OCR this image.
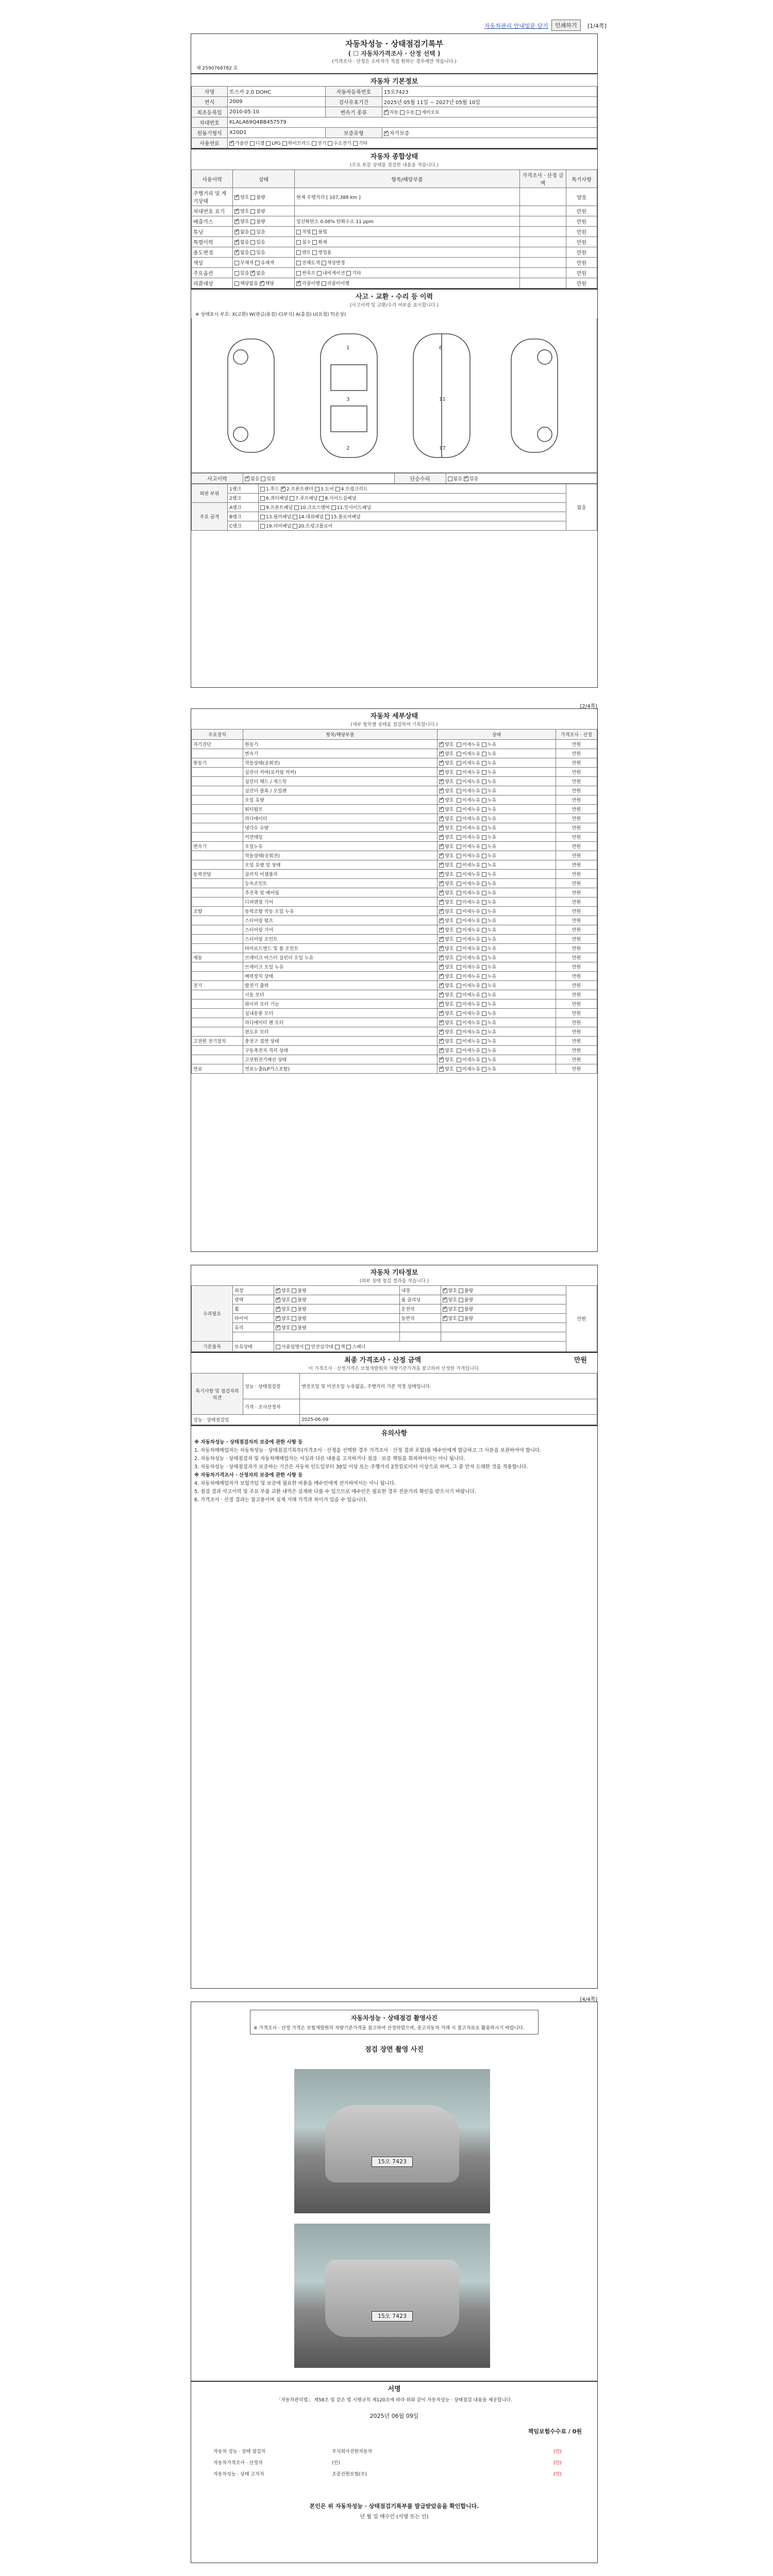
자동차관리 안내및문 닫기	인쇄하기	[1/4쪽]
자동차성능 · 상태점검기록부
( ☐ 자동차가격조사 · 산정 선택 )
(가격조사 · 산정은 소비자가 직접 원하는 경우에만 적습니다.)
제 2590768782 호
자동차 기본정보
차명	토스카 2.0 DOHC	자동차등록번호	15오7423
연식	2009	검사유효기간	2025년 05월 11일 ~ 2027년 05월 10일
최초등록일	2010-05-10	변속기 종류	✓자동 수동 세미오토
차대번호	KLALA69Q4BB457579		
원동기형식	X20D1	보증유형	✓자가보증
사용연료	✓가솔린 디젤 LPG 하이브리드 전기 수소전기 기타
자동차 종합상태
(주요 부분 상태를 점검한 내용을 적습니다.)
사용이력	상태	항목/해당부품	가격조사 · 산정 금액	특기사항
주행거리 및 계기상태	✓양호 불량	현재 주행거리 [ 107,388 km ]		양호
차대번호 표기	✓양호 불량			만원
배출가스	✓양호 불량	일산화탄소 0.08% 탄화수소 11 ppm		만원
튜닝	✓없음 있음	적법 불법		만원
특별이력	✓없음 있음	침수 화재		만원
용도변경	✓없음 있음	렌트 영업용		만원
색상	무채색 유채색	전체도색 색상변경		만원
주요옵션	있음 ✓없음	썬루프 내비게이션 기타		만원
리콜대상	해당없음 ✓해당	✓리콜이행 리콜미이행		만원
사고 · 교환 · 수리 등 이력
(사고이력 및 교환/수리 여부를 표시합니다.)
※ 상태표시 부호: X(교환) W(판금/용접) C(부식) A(흠집) U(요철) T(손상)
1
3
2
6
11
17
사고이력	✓없음 있음	단순수리	없음 ✓있음
외판 부위	1랭크	1.후드 ✓2.프론트펜더 3.도어 4.트렁크리드	없음
	2랭크	6.쿼터패널 7.루프패널 8.사이드실패널	
주요 골격	A랭크	9.프론트패널 10.크로스멤버 11.인사이드패널	
	B랭크	13.필러패널 14.대쉬패널 15.플로어패널	
	C랭크	19.리어패널 20.트렁크플로어	
[2/4쪽]
자동차 세부상태
(세부 항목별 상태를 점검하여 기록합니다.)
주요장치	항목/해당부품	상태	가격조사 · 산정
자기진단	원동기	✓양호  미세누유 누유	만원
	변속기	✓양호  미세누유 누유	만원
원동기	작동상태(공회전)	✓양호  미세누유 누유	만원
	실린더 커버(로커암 커버)	✓양호  미세누유 누유	만원
	실린더 헤드 / 개스킷	✓양호  미세누유 누유	만원
	실린더 블록 / 오일팬	✓양호  미세누유 누유	만원
	오일 유량	✓양호  미세누유 누유	만원
	워터펌프	✓양호  미세누유 누유	만원
	라디에이터	✓양호  미세누유 누유	만원
	냉각수 수량	✓양호  미세누유 누유	만원
	커먼레일	✓양호  미세누유 누유	만원
변속기	오일누유	✓양호  미세누유 누유	만원
	작동상태(공회전)	✓양호  미세누유 누유	만원
	오일 유량 및 상태	✓양호  미세누유 누유	만원
동력전달	클러치 어셈블리	✓양호  미세누유 누유	만원
	등속조인트	✓양호  미세누유 누유	만원
	추진축 및 베어링	✓양호  미세누유 누유	만원
	디퍼렌셜 기어	✓양호  미세누유 누유	만원
조향	동력조향 작동 오일 누유	✓양호  미세누유 누유	만원
	스티어링 펌프	✓양호  미세누유 누유	만원
	스티어링 기어	✓양호  미세누유 누유	만원
	스티어링 조인트	✓양호  미세누유 누유	만원
	타이로드엔드 및 볼 조인트	✓양호  미세누유 누유	만원
제동	브레이크 마스터 실린더 오일 누유	✓양호  미세누유 누유	만원
	브레이크 오일 누유	✓양호  미세누유 누유	만원
	배력장치 상태	✓양호  미세누유 누유	만원
전기	발전기 출력	✓양호  미세누유 누유	만원
	시동 모터	✓양호  미세누유 누유	만원
	와이퍼 모터 기능	✓양호  미세누유 누유	만원
	실내송풍 모터	✓양호  미세누유 누유	만원
	라디에이터 팬 모터	✓양호  미세누유 누유	만원
	윈도우 모터	✓양호  미세누유 누유	만원
고전원 전기장치	충전구 절연 상태	✓양호  미세누유 누유	만원
	구동축전지 격리 상태	✓양호  미세누유 누유	만원
	고전원전기배선 상태	✓양호  미세누유 누유	만원
연료	연료누출(LP가스포함)	✓양호  미세누유 누유	만원
자동차 기타정보
(외부 상태 점검 결과를 적습니다.)
수리필요	외장	✓양호 불량	내장	✓양호 불량	만원
	광택	✓양호 불량	룸 클리닝	✓양호 불량
	휠	✓양호 불량	운전석	✓양호 불량
	타이어	✓양호 불량	동반석	✓양호 불량
	유리	✓양호 불량		

기본품목	보유상태	사용설명서 안전삼각대 잭 스패너			
최종 가격조사 · 산정 금액	만원
이 가격조사 · 산정가격은 보험개발원의 차량기준가격을 참고하여 산정한 가격입니다.
특기사항 및 점검자의 의견	성능 · 상태점검장	엔진오일 및 미션오일 누유없음, 주행거리 기준 적정 상태입니다.
	가격 · 조사산정자	
성능 · 상태점검일		2025-06-09
유의사항

※ 자동차성능 · 상태점검자의 보증에 관한 사항 등

1. 자동차매매업자는 자동차성능 · 상태점검기록부(가격조사 · 산정을 선택한 경우 가격조사 · 산정 결과 포함)를 매수인에게 발급하고 그 사본을 보관하여야 합니다.

2. 자동차성능 · 상태점검자 및 자동차매매업자는 사실과 다른 내용을 고지하거나 점검 · 보증 책임을 회피하여서는 아니 됩니다.

3. 자동차성능 · 상태점검자가 보증하는 기간은 자동차 인도일부터 30일 이상 또는 주행거리 2천킬로미터 이상으로 하며, 그 중 먼저 도래한 것을 적용합니다.

※ 자동차가격조사 · 산정자의 보증에 관한 사항 등

4. 자동차매매업자가 보험가입 및 보증에 필요한 비용을 매수인에게 전가하여서는 아니 됩니다.

5. 점검 결과 사고이력 및 주요 부품 교환 내역은 실제와 다를 수 있으므로 매수인은 필요한 경우 전문가의 확인을 받으시기 바랍니다.

6. 가격조사 · 산정 결과는 참고용이며 실제 거래 가격과 차이가 있을 수 있습니다.

[4/4쪽]
자동차성능 · 상태점검 촬영사진
※ 가격조사 · 산정 가격은 보험개발원의 차량기준가격을 참고하여 산정하였으며, 중고자동차 거래 시 참고자료로 활용하시기 바랍니다.
점검 장면 촬영 사진
15오 7423
15오 7423
서명
「자동차관리법」 제58조 및 같은 법 시행규칙 제120조에 따라 위와 같이 자동차성능 · 상태점검 내용을 제공합니다.
2025년 06월 09일
책임보험수수료 / 0원
자동차 성능 · 상태 점검자	주식회사진한자동차	(인)
자동차가격조사 · 산정자	(인)	(인)
자동차성능 · 상태 고지자	조중진원보험(주)	(인)
본인은 위 자동차성능 · 상태점검기록부를 발급받았음을 확인합니다.
년 월 일 매수인 (서명 또는 인)
